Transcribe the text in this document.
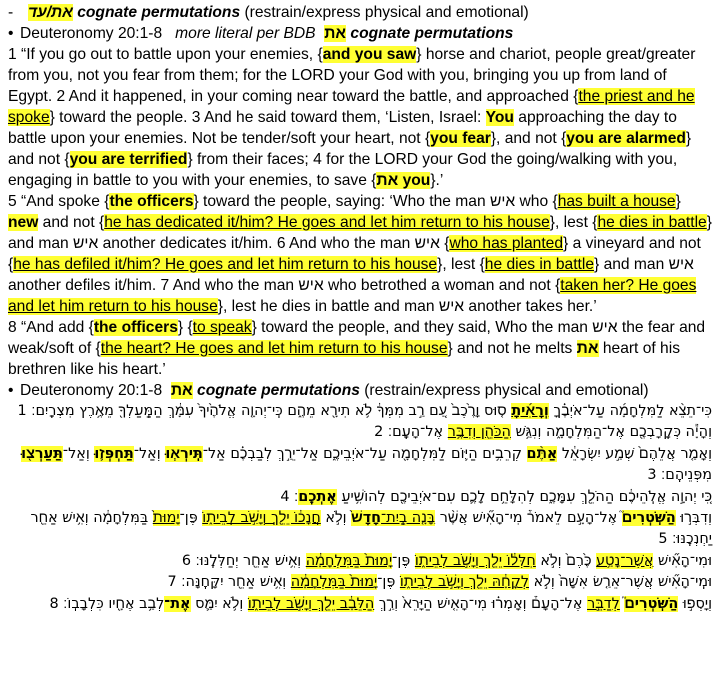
- את/עד cognate permutations (restrain/express physical and emotional)
• Deuteronomy 20:1-8   more literal per BDB  את cognate permutations
1 “If you go out to battle upon your enemies, {and you saw} horse and chariot, people great/greater from you, not you fear from them; for the LORD your God with you, bringing you up from land of Egypt. 2 And it happened, in your coming near toward the battle, and approached {the priest and he spoke} toward the people. 3 And he said toward them, ‘Listen, Israel: You approaching the day to battle upon your enemies. Not be tender/soft your heart, not {you fear}, and not {you are alarmed} and not {you are terrified} from their faces; 4 for the LORD your God the going/walking with you, engaging in battle to you with your enemies, to save {את you}.’
5 “And spoke {the officers} toward the people, saying: ‘Who the man איש who {has built a house} new and not {he has dedicated it/him? He goes and let him return to his house}, lest {he dies in battle} and man איש another dedicates it/him. 6 And who the man איש {who has planted} a vineyard and not {he has defiled it/him? He goes and let him return to his house}, lest {he dies in battle} and man איש another defiles it/him. 7 And who the man איש who betrothed a woman and not {taken her? He goes and let him return to his house}, lest he dies in battle and man איש another takes her.’
8 “And add {the officers} {to speak} toward the people, and they said, Who the man איש the fear and weak/soft of {the heart? He goes and let him return to his house} and not he melts את heart of his brethren like his heart.’
• Deuteronomy 20:1-8  את cognate permutations (restrain/express physical and emotional)
כִּי־תֵצֵ֨א לַמִּלְחָמָ֜ה עַל־אֹיְבֶ֗ךָ וְרָאִ֜יתָ ס֤וּס וָרֶ֙כֶב֙ עַ֚ם רַ֣ב מִמְּךָ֔ לֹ֥א תִירָ֖א מֵהֶ֑ם כִּֽי־יְהוָ֤ה אֱלֹהֶ֙יךָ֙ עִמָּ֔ךְ הַמַּֽעַלְךָ֖ מֵאֶ֥רֶץ מִצְרָֽיִם׃ 1
וְהָיָ֕ה כְּקָֽרָבְכֶ֖ם אֶל־הַמִּלְחָמָ֑ה וְנִגַּ֥שׁ הַכֹּהֵ֖ן וְדִבֶּ֥ר אֶל־הָעָֽם׃ 2
וְאָמַ֤ר אֲלֵהֶם֙ שְׁמַ֣ע יִשְׂרָאֵ֔ל אַתֶּ֨ם קְרֵבִ֥ים הַיּ֛וֹם לַמִּלְחָמָ֖ה עַל־אֹיְבֵיכֶ֑ם אַל־יֵרַ֣ךְ לְבַבְכֶ֗ם אַל־תִּֽירְא֧וּ וְאַל־תַּחְפְּז֛וּ וְאַל־תַּעַרְצ֖וּ מִפְּנֵיהֶֽם׃ 3
כִּ֚י יְהוָ֣ה אֱלֹֽהֵיכֶ֔ם הַהֹלֵ֖ךְ עִמָּכֶ֑ם לְהִלָּחֵ֥ם לָכֶ֛ם עִם־אֹיְבֵיכֶ֖ם לְהוֹשִׁ֥יעַ אֶתְכֶֽם׃ 4
וְדִבְּר֣וּ הַשֹּֽׁטְרִים֮ אֶל־הָעָ֣ם לֵאמֹר֒ מִי־הָאִ֞ישׁ אֲשֶׁ֨ר בָּנָ֤ה בַֽיִת־חָדָשׁ֙ וְלֹ֣א חֲנָכ֔וֹ יֵלֵ֖ךְ וְיָשֹׁ֣ב לְבֵית֑וֹ פֶּן־יָמוּת֙ בַּמִּלְחָמָ֔ה וְאִ֥ישׁ אַחֵ֖ר יַחְנְכֶֽנּוּ׃ 5
וּמִי־הָאִ֞ישׁ אֲשֶׁר־נָטַ֥ע כֶּ֙רֶם֙ וְלֹ֣א חִלְּל֔וֹ יֵלֵ֖ךְ וְיָשֹׁ֣ב לְבֵית֑וֹ פֶּן־יָמוּת֙ בַּמִּלְחָמָ֔ה וְאִ֥ישׁ אַחֵ֖ר יְחַלְּלֶֽנּוּ׃ 6
וּמִֽי־הָאִ֞ישׁ אֲשֶׁר־אֵרַ֤שׂ אִשָּׁה֙ וְלֹ֣א לְקָחָ֔הּ יֵלֵ֖ךְ וְיָשֹׁ֣ב לְבֵית֑וֹ פֶּן־יָמוּת֙ בַּמִּלְחָמָ֔ה וְאִ֥ישׁ אַחֵ֖ר יִקָּחֶֽנָּה׃ 7
וְיָסְפ֣וּ הַשֹּֽׁטְרִים֮ לְדַבֵּ֣ר אֶל־הָעָם֒ וְאָמְר֗וּ מִי־הָאִ֤ישׁ הַיָּרֵא֙ וְרַ֣ךְ הַלֵּבָ֔ב יֵלֵ֖ךְ וְיָשֹׁ֣ב לְבֵית֑וֹ וְלֹ֥א יִמַּ֛ס אֶת־לְבַ֥ב אֶחָ֖יו כִּלְבָבֽוֹ׃ 8
